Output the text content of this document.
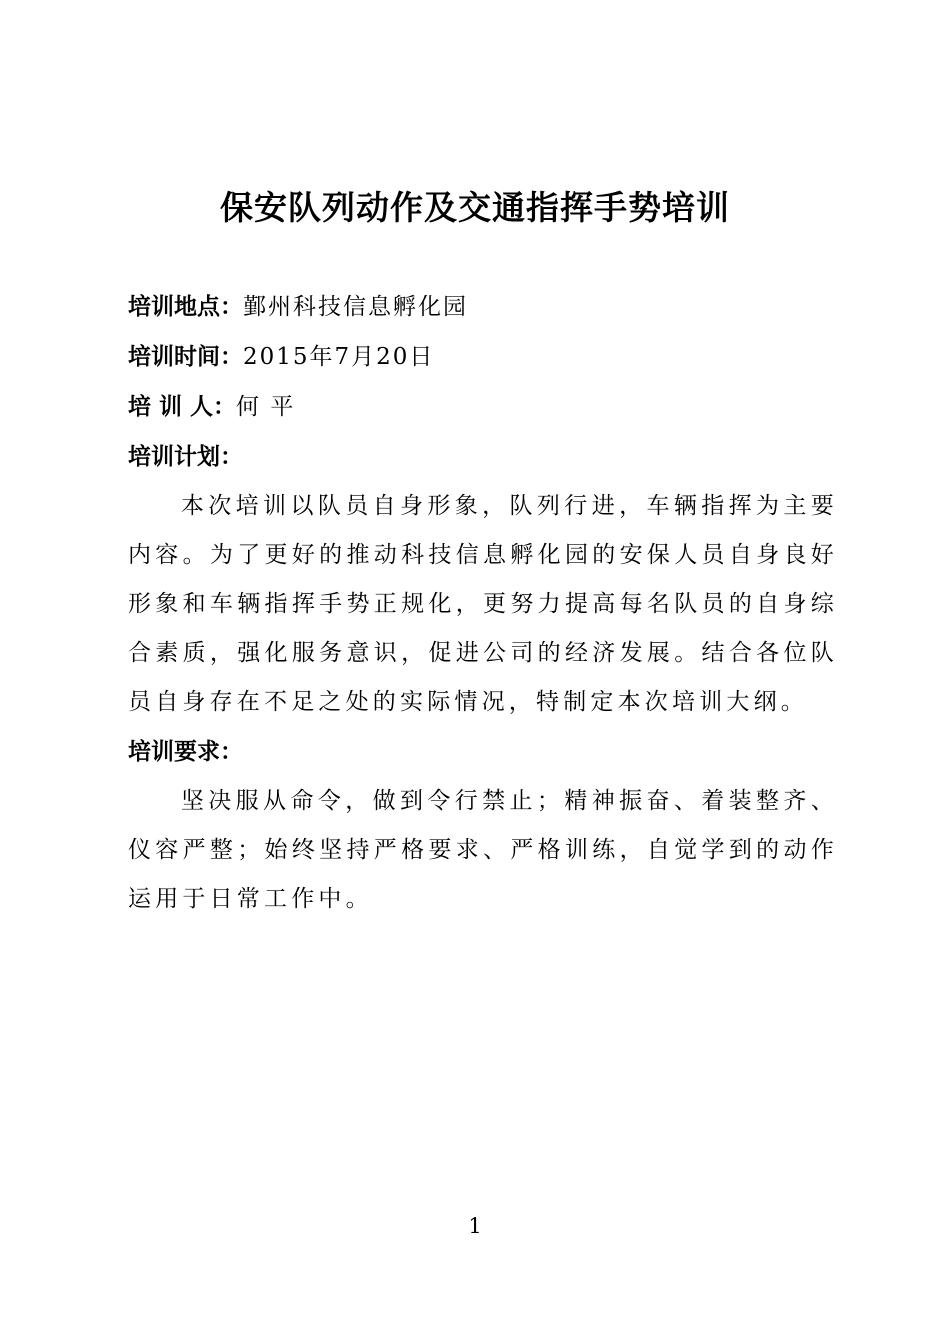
保安队列动作及交通指挥手势培训
培训地点：鄞州科技信息孵化园
培训时间：2015年7月20日
培 训 人：何 平
培训计划：

本次培训以队员自身形象，队列行进，车辆指挥为主要内容。为了更好的推动科技信息孵化园的安保人员自身良好形象和车辆指挥手势正规化，更努力提高每名队员的自身综合素质，强化服务意识，促进公司的经济发展。结合各位队员自身存在不足之处的实际情况，特制定本次培训大纲。

培训要求：

坚决服从命令，做到令行禁止；精神振奋、着装整齐、仪容严整；始终坚持严格要求、严格训练，自觉学到的动作运用于日常工作中。

1
